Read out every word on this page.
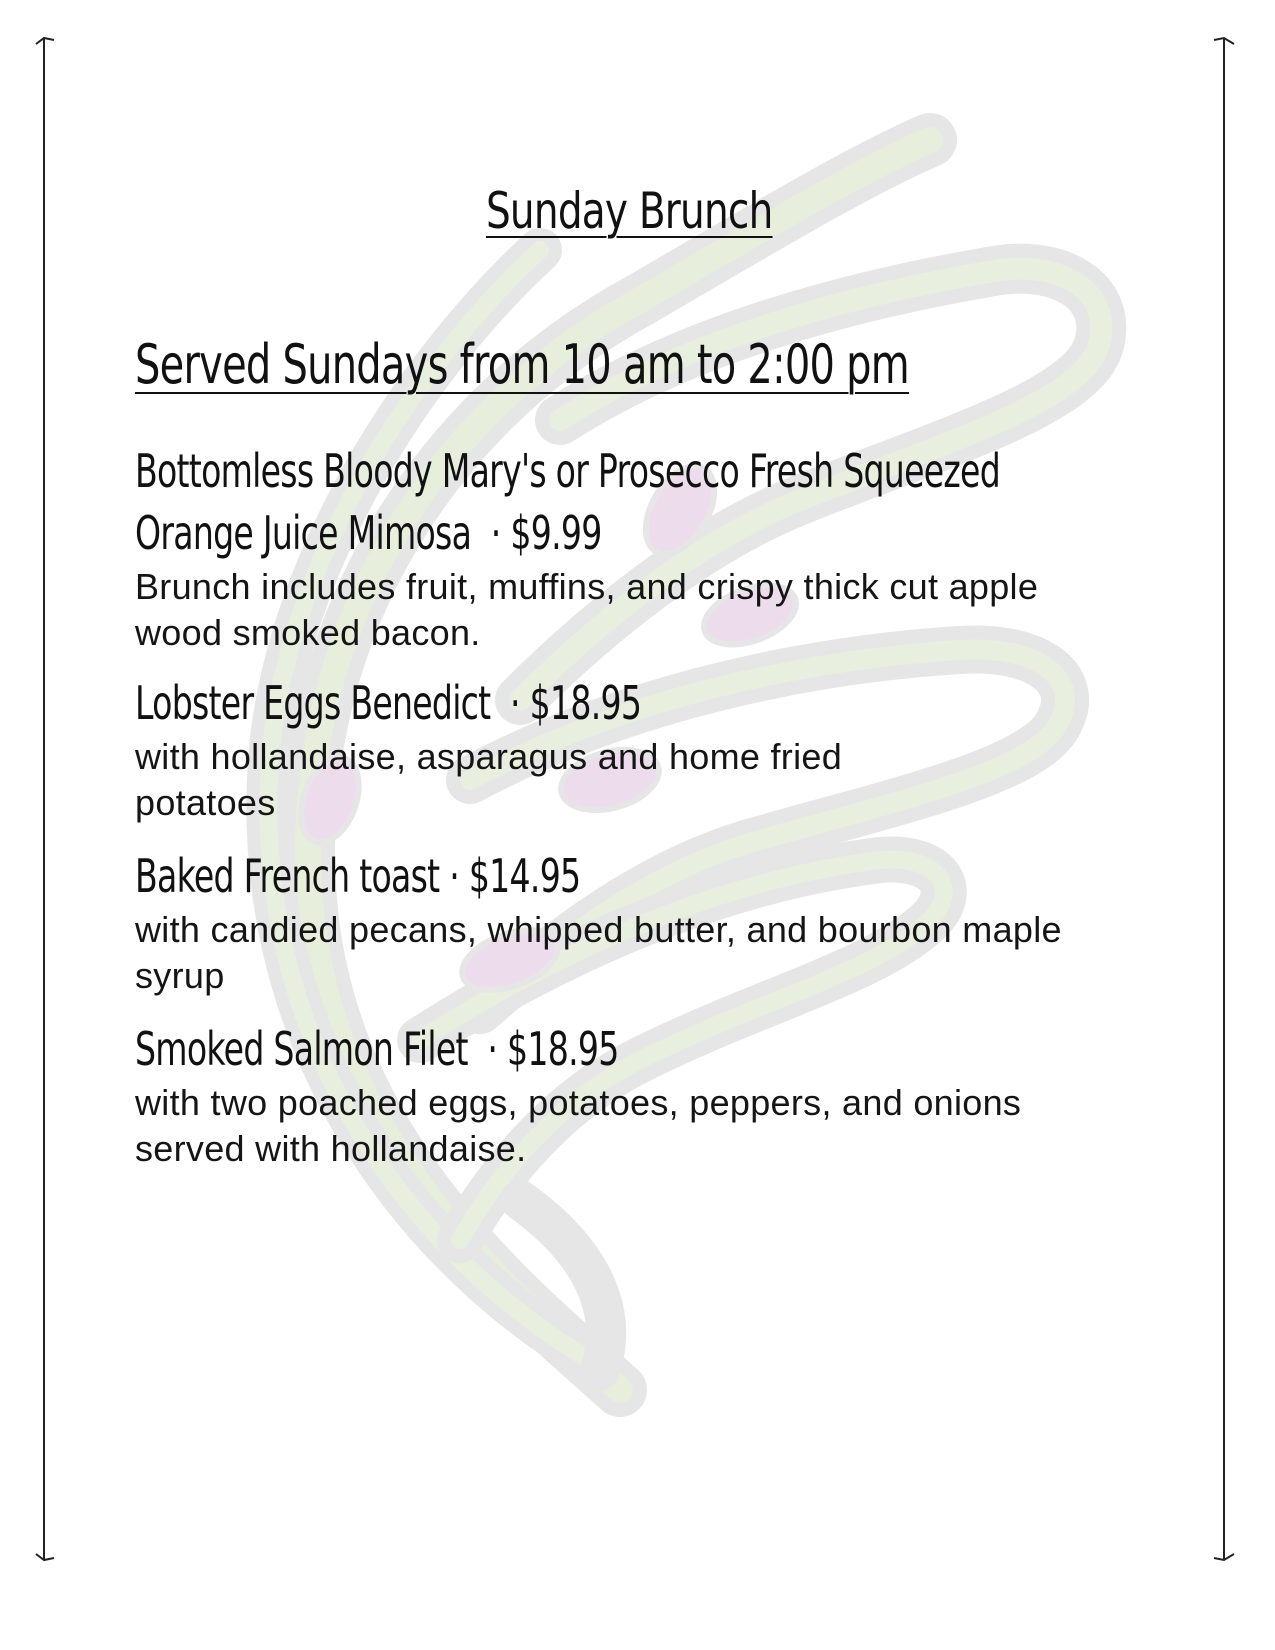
Sunday Brunch
Served Sundays from 10 am to 2:00 pm
Bottomless Bloody Mary's or Prosecco Fresh Squeezed
Orange Juice Mimosa  · $9.99
Brunch includes fruit, muffins, and crispy thick cut apple wood smoked bacon.
Lobster Eggs Benedict  · $18.95
with hollandaise, asparagus and home fried potatoes
Baked French toast · $14.95
with candied pecans, whipped butter, and bourbon maple syrup
Smoked Salmon Filet  · $18.95
with two poached eggs, potatoes, peppers, and onions served with hollandaise.
